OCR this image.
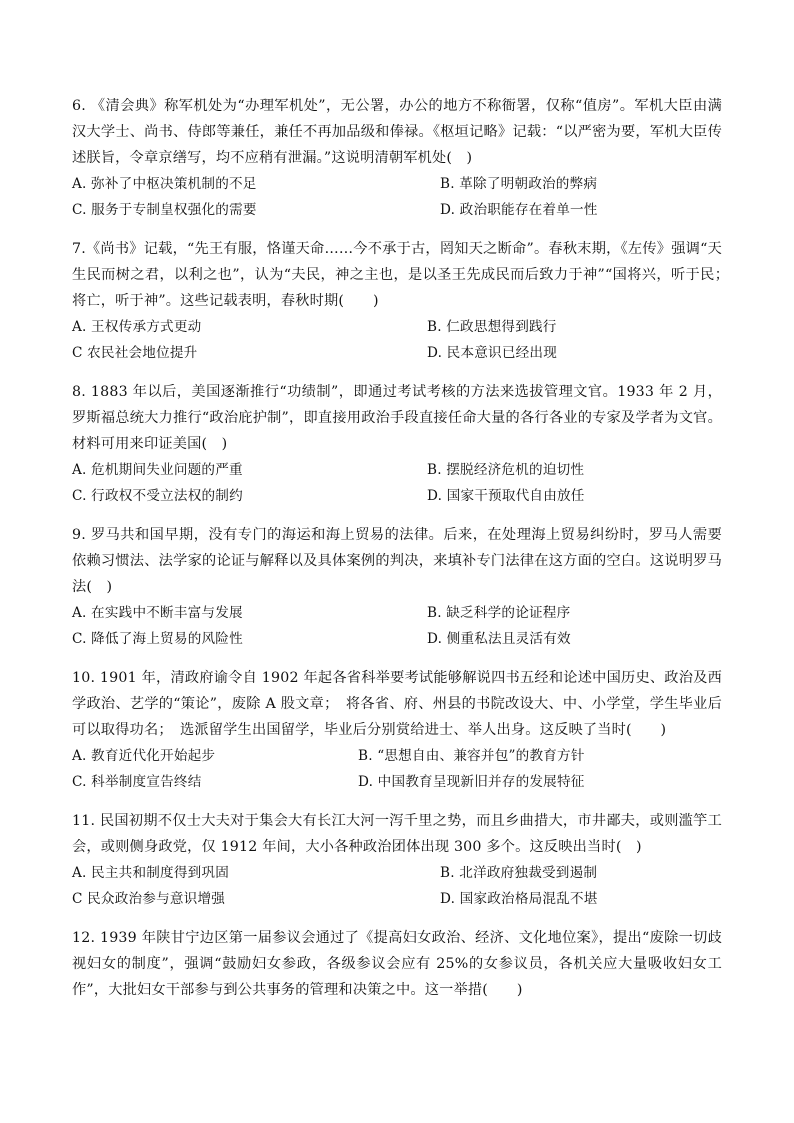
6. 《清会典》称军机处为“办理军机处”，无公署，办公的地方不称衙署，仅称“值房”。军机大臣由满汉大学士、尚书、侍郎等兼任，兼任不再加品级和俸禄。《枢垣记略》记载：“以严密为要，军机大臣传述朕旨，令章京缮写，均不应稍有泄漏。”这说明清朝军机处(　)

A. 弥补了中枢决策机制的不足	B. 革除了明朝政治的弊病
C. 服务于专制皇权强化的需要	D. 政治职能存在着单一性

7.《尚书》记载，“先王有服，恪谨天命……今不承于古，罔知天之断命”。春秋末期，《左传》强调“天生民而树之君，以利之也”，认为“夫民，神之主也，是以圣王先成民而后致力于神”“国将兴，听于民；　将亡，听于神”。这些记载表明，春秋时期(　　)

A. 王权传承方式更动	B. 仁政思想得到践行
C 农民社会地位提升	D. 民本意识已经出现

8. 1883 年以后，美国逐渐推行“功绩制”，即通过考试考核的方法来选拔管理文官。1933 年 2 月，罗斯福总统大力推行“政治庇护制”，即直接用政治手段直接任命大量的各行各业的专家及学者为文官。材料可用来印证美国(　)

A. 危机期间失业问题的严重	B. 摆脱经济危机的迫切性
C. 行政权不受立法权的制约	D. 国家干预取代自由放任

9. 罗马共和国早期，没有专门的海运和海上贸易的法律。后来，在处理海上贸易纠纷时，罗马人需要依赖习惯法、法学家的论证与解释以及具体案例的判决，来填补专门法律在这方面的空白。这说明罗马法(　)

A. 在实践中不断丰富与发展	B. 缺乏科学的论证程序
C. 降低了海上贸易的风险性	D. 侧重私法且灵活有效

10. 1901 年，清政府谕令自 1902 年起各省科举要考试能够解说四书五经和论述中国历史、政治及西学政治、艺学的“策论”，废除 A 股文章；　将各省、府、州县的书院改设大、中、小学堂，学生毕业后可以取得功名；　选派留学生出国留学，毕业后分别赏给进士、举人出身。这反映了当时(　　)

A. 教育近代化开始起步	B. “思想自由、兼容并包”的教育方针
C. 科举制度宣告终结	D. 中国教育呈现新旧并存的发展特征

11. 民国初期不仅士大夫对于集会大有长江大河一泻千里之势，而且乡曲措大，市井鄙夫，或则滥竽工会，或则侧身政党，仅 1912 年间，大小各种政治团体出现 300 多个。这反映出当时(　)

A. 民主共和制度得到巩固	B. 北洋政府独裁受到遏制
C 民众政治参与意识增强	D. 国家政治格局混乱不堪

12. 1939 年陕甘宁边区第一届参议会通过了《提高妇女政治、经济、文化地位案》，提出“废除一切歧视妇女的制度”，强调“鼓励妇女参政，各级参议会应有 25%的女参议员，各机关应大量吸收妇女工作”，大批妇女干部参与到公共事务的管理和决策之中。这一举措(　　)
